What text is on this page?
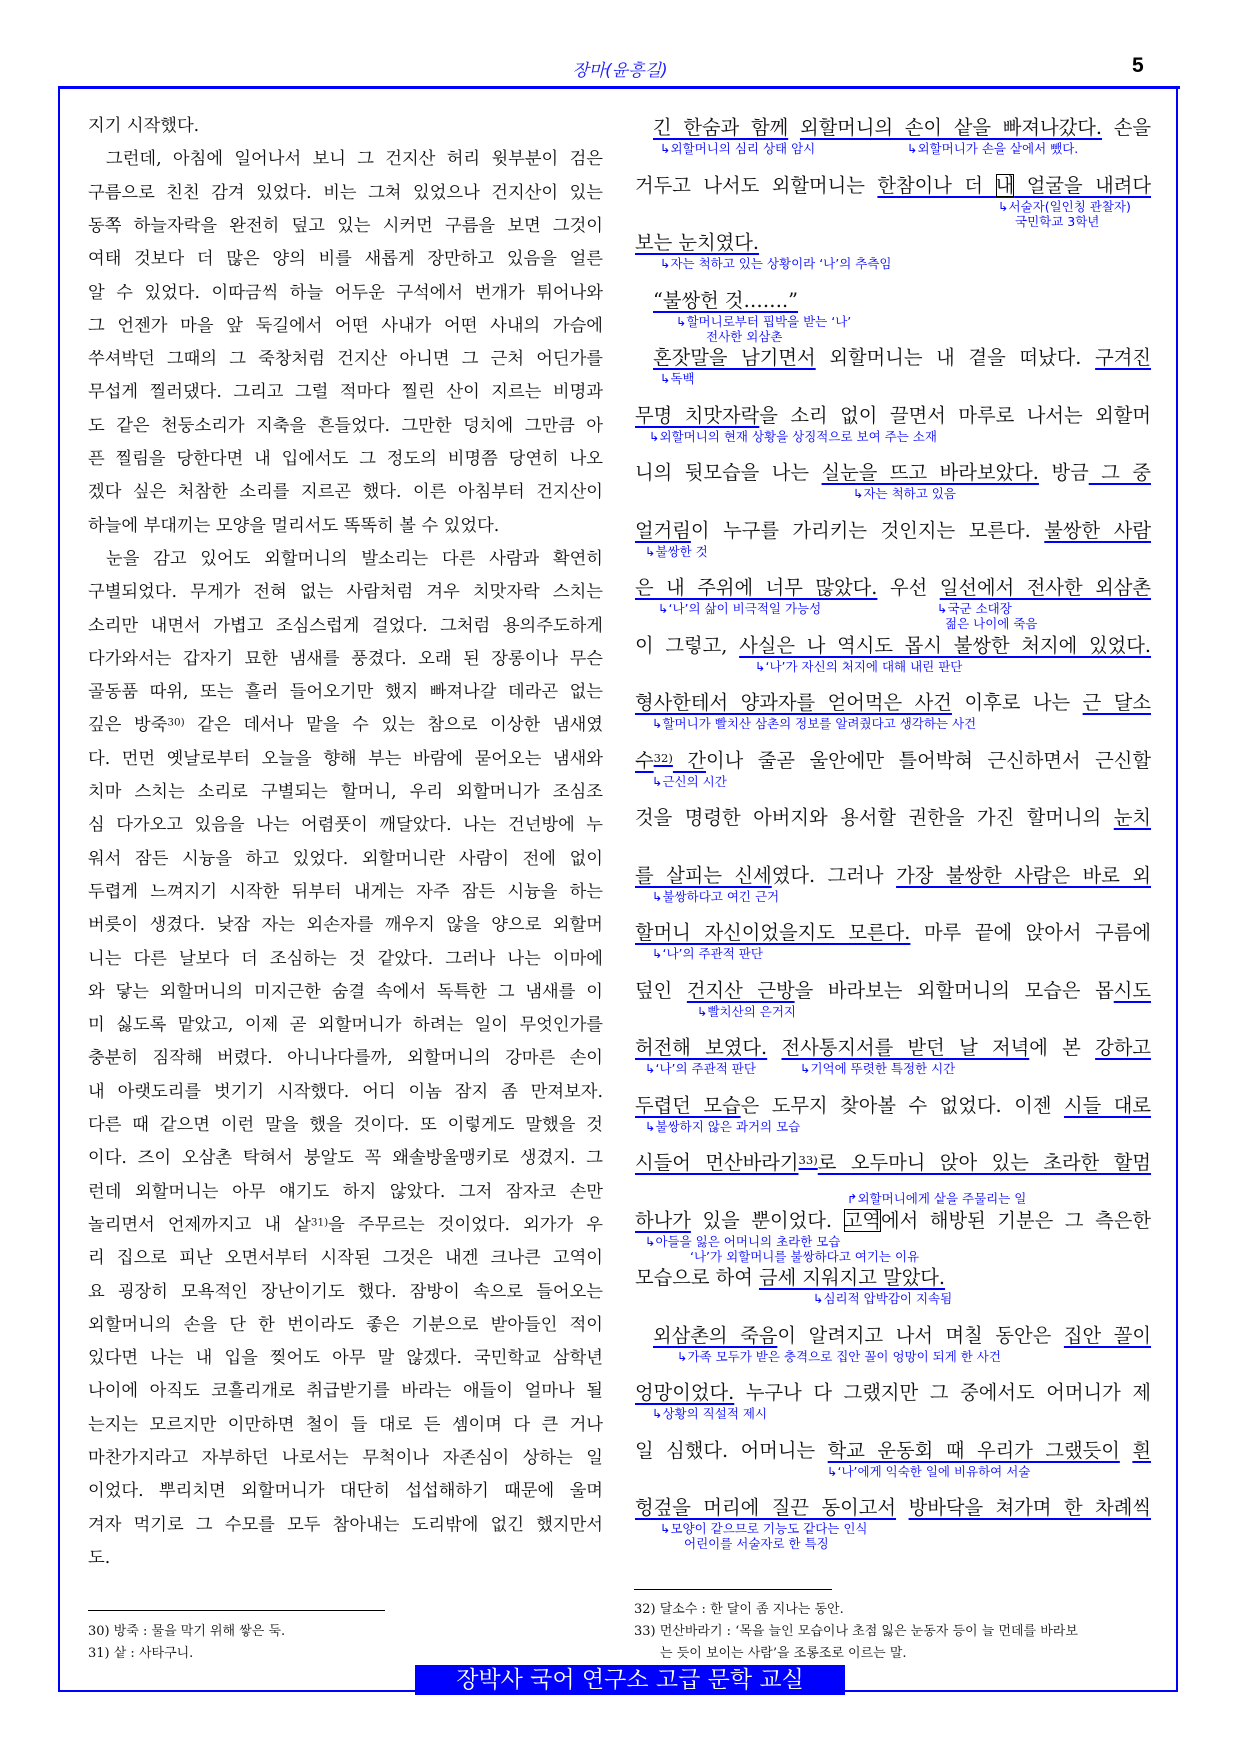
장마(윤흥길)	5
지기 시작했다.
그런데, 아침에 일어나서 보니 그 건지산 허리 윗부분이 검은
구름으로 친친 감겨 있었다. 비는 그쳐 있었으나 건지산이 있는
동쪽 하늘자락을 완전히 덮고 있는 시커먼 구름을 보면 그것이
여태 것보다 더 많은 양의 비를 새롭게 장만하고 있음을 얼른
알 수 있었다. 이따금씩 하늘 어두운 구석에서 번개가 튀어나와
그 언젠가 마을 앞 둑길에서 어떤 사내가 어떤 사내의 가슴에
쑤셔박던 그때의 그 죽창처럼 건지산 아니면 그 근처 어딘가를
무섭게 찔러댔다. 그리고 그럴 적마다 찔린 산이 지르는 비명과
도 같은 천둥소리가 지축을 흔들었다. 그만한 덩치에 그만큼 아
픈 찔림을 당한다면 내 입에서도 그 정도의 비명쯤 당연히 나오
겠다 싶은 처참한 소리를 지르곤 했다. 이른 아침부터 건지산이
하늘에 부대끼는 모양을 멀리서도 똑똑히 볼 수 있었다.
눈을 감고 있어도 외할머니의 발소리는 다른 사람과 확연히
구별되었다. 무게가 전혀 없는 사람처럼 겨우 치맛자락 스치는
소리만 내면서 가볍고 조심스럽게 걸었다. 그처럼 용의주도하게
다가와서는 갑자기 묘한 냄새를 풍겼다. 오래 된 장롱이나 무슨
골동품 따위, 또는 흘러 들어오기만 했지 빠져나갈 데라곤 없는
깊은 방죽$^{30)}$ 같은 데서나 맡을 수 있는 참으로 이상한 냄새였
다. 먼먼 옛날로부터 오늘을 향해 부는 바람에 묻어오는 냄새와
치마 스치는 소리로 구별되는 할머니, 우리 외할머니가 조심조
심 다가오고 있음을 나는 어렴풋이 깨달았다. 나는 건넌방에 누
워서 잠든 시늉을 하고 있었다. 외할머니란 사람이 전에 없이
두렵게 느껴지기 시작한 뒤부터 내게는 자주 잠든 시늉을 하는
버릇이 생겼다. 낮잠 자는 외손자를 깨우지 않을 양으로 외할머
니는 다른 날보다 더 조심하는 것 같았다. 그러나 나는 이마에
와 닿는 외할머니의 미지근한 숨결 속에서 독특한 그 냄새를 이
미 싫도록 맡았고, 이제 곧 외할머니가 하려는 일이 무엇인가를
충분히 짐작해 버렸다. 아니나다를까, 외할머니의 강마른 손이
내 아랫도리를 벗기기 시작했다. 어디 이놈 잠지 좀 만져보자.
다른 때 같으면 이런 말을 했을 것이다. 또 이렇게도 말했을 것
이다. 즈이 오삼촌 탁혀서 붕알도 꼭 왜솔방울맹키로 생겼지. 그
런데 외할머니는 아무 얘기도 하지 않았다. 그저 잠자코 손만
놀리면서 언제까지고 내 샅$^{31)}$을 주무르는 것이었다. 외가가 우
리 집으로 피난 오면서부터 시작된 그것은 내겐 크나큰 고역이
요 굉장히 모욕적인 장난이기도 했다. 잠방이 속으로 들어오는
외할머니의 손을 단 한 번이라도 좋은 기분으로 받아들인 적이
있다면 나는 내 입을 찢어도 아무 말 않겠다. 국민학교 삼학년
나이에 아직도 코흘리개로 취급받기를 바라는 애들이 얼마나 될
는지는 모르지만 이만하면 철이 들 대로 든 셈이며 다 큰 거나
마찬가지라고 자부하던 나로서는 무척이나 자존심이 상하는 일
이었다. 뿌리치면 외할머니가 대단히 섭섭해하기 때문에 울며
겨자 먹기로 그 수모를 모두 참아내는 도리밖에 없긴 했지만서
도.
긴 한숨과 함께 외할머니의 손이 샅을 빠져나갔다. 손을
↳외할머니의 심리 상태 암시	↳외할머니가 손을 샅에서 뺐다.
거두고 나서도 외할머니는 한참이나 더 내 얼굴을 내려다
↳서술자(일인칭 관찰자)
국민학교 3학년
보는 눈치였다.
↳자는 척하고 있는 상황이라 ‘나’의 추측임
“불쌍헌 것…….”
↳할머니로부터 핍박을 받는 ‘나’
전사한 외삼촌
혼잣말을 남기면서 외할머니는 내 곁을 떠났다. 구겨진
↳독백
무명 치맛자락을 소리 없이 끌면서 마루로 나서는 외할머
↳외할머니의 현재 상황을 상징적으로 보여 주는 소재
니의 뒷모습을 나는 실눈을 뜨고 바라보았다. 방금 그 중
↳자는 척하고 있음
얼거림이 누구를 가리키는 것인지는 모른다. 불쌍한 사람
↳불쌍한 것
은 내 주위에 너무 많았다. 우선 일선에서 전사한 외삼촌
↳‘나’의 삶이 비극적일 가능성	↳국군 소대장
젊은 나이에 죽음
이 그렇고, 사실은 나 역시도 몹시 불쌍한 처지에 있었다.
↳‘나’가 자신의 처지에 대해 내린 판단
형사한테서 양과자를 얻어먹은 사건 이후로 나는 근 달소
↳할머니가 빨치산 삼촌의 정보를 알려줬다고 생각하는 사건
수$^{32)}$ 간이나 줄곧 울안에만 틀어박혀 근신하면서 근신할
↳근신의 시간
것을 명령한 아버지와 용서할 권한을 가진 할머니의 눈치
를 살피는 신세였다. 그러나 가장 불쌍한 사람은 바로 외
↳불쌍하다고 여긴 근거
할머니 자신이었을지도 모른다. 마루 끝에 앉아서 구름에
↳‘나’의 주관적 판단
덮인 건지산 근방을 바라보는 외할머니의 모습은 몹시도
↳빨치산의 은거지
허전해 보였다. 전사통지서를 받던 날 저녁에 본 강하고
↳‘나’의 주관적 판단	↳기억에 뚜렷한 특정한 시간
두렵던 모습은 도무지 찾아볼 수 없었다. 이젠 시들 대로
↳불쌍하지 않은 과거의 모습
시들어 먼산바라기$^{33)}$로 오두마니 앉아 있는 초라한 할멈
↱외할머니에게 샅을 주물리는 일
하나가 있을 뿐이었다. 고역에서 해방된 기분은 그 측은한
↳아들을 잃은 어머니의 초라한 모습
‘나’가 외할머니를 불쌍하다고 여기는 이유
모습으로 하여 금세 지워지고 말았다.
↳심리적 압박감이 지속됨
외삼촌의 죽음이 알려지고 나서 며칠 동안은 집안 꼴이
↳가족 모두가 받은 충격으로 집안 꼴이 엉망이 되게 한 사건
엉망이었다. 누구나 다 그랬지만 그 중에서도 어머니가 제
↳상황의 직설적 제시
일 심했다. 어머니는 학교 운동회 때 우리가 그랬듯이 흰
↳‘나’에게 익숙한 일에 비유하여 서술
헝겊을 머리에 질끈 동이고서 방바닥을 쳐가며 한 차례씩
↳모양이 같으므로 기능도 같다는 인식
어린이를 서술자로 한 특징
30) 방죽 : 물을 막기 위해 쌓은 둑.
31) 샅 : 사타구니.
32) 달소수 : 한 달이 좀 지나는 동안.
33) 먼산바라기 : ‘목을 늘인 모습이나 초점 잃은 눈동자 등이 늘 먼데를 바라보
는 듯이 보이는 사람’을 조롱조로 이르는 말.
장박사 국어 연구소 고급 문학 교실
